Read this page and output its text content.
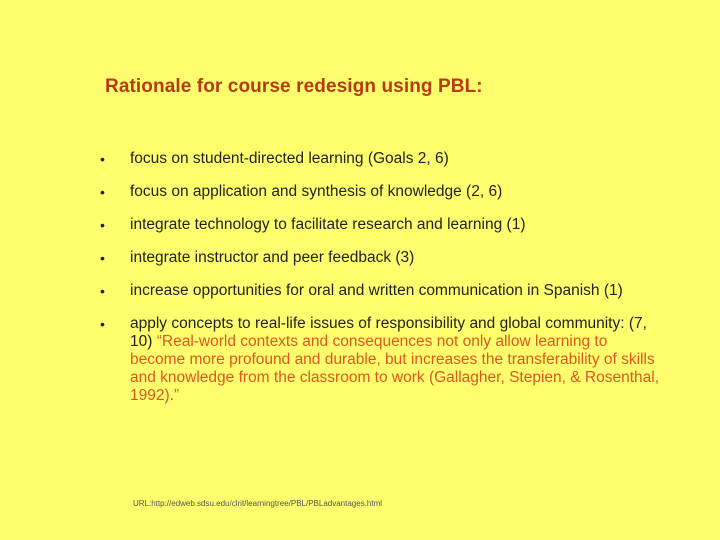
Rationale for course redesign using PBL:
•	focus on student-directed learning (Goals 2, 6)
•	focus on application and synthesis of knowledge (2, 6)
•	integrate technology to facilitate research and learning (1)
•	integrate instructor and peer feedback (3)
•	increase opportunities for oral and written communication in Spanish (1)
•	apply concepts to real-life issues of responsibility and global community: (7, 10) “Real-world contexts and consequences not only allow learning to become more profound and durable, but increases the transferability of skills and knowledge from the classroom to work (Gallagher, Stepien, & Rosenthal, 1992).”
URL:http://edweb.sdsu.edu/clrit/learningtree/PBL/PBLadvantages.html
